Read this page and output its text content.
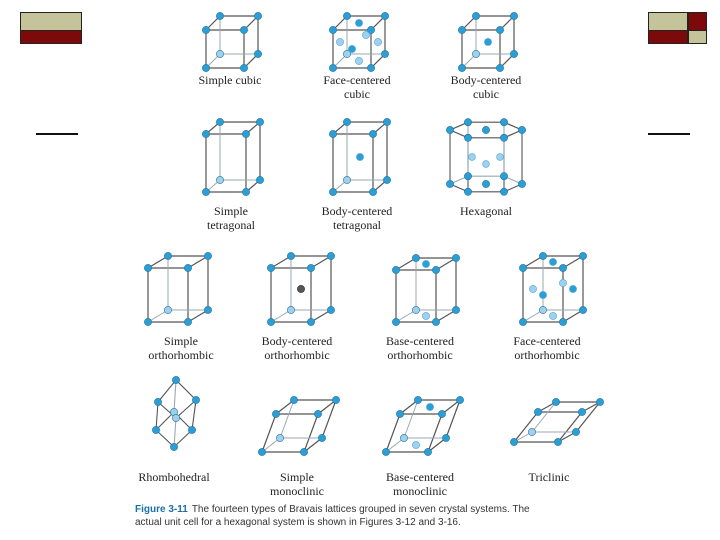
Simple cubic	Face-centered
cubic
Body-centered
cubic
Simple
tetragonal
Body-centered
tetragonal
Hexagonal
Simple
orthorhombic
Body-centered
orthorhombic
Base-centered
orthorhombic
Face-centered
orthorhombic
Rhombohedral	Simple
monoclinic
Base-centered
monoclinic
Triclinic
Figure 3-11 The fourteen types of Bravais lattices grouped in seven crystal systems. The
actual unit cell for a hexagonal system is shown in Figures 3-12 and 3-16.
